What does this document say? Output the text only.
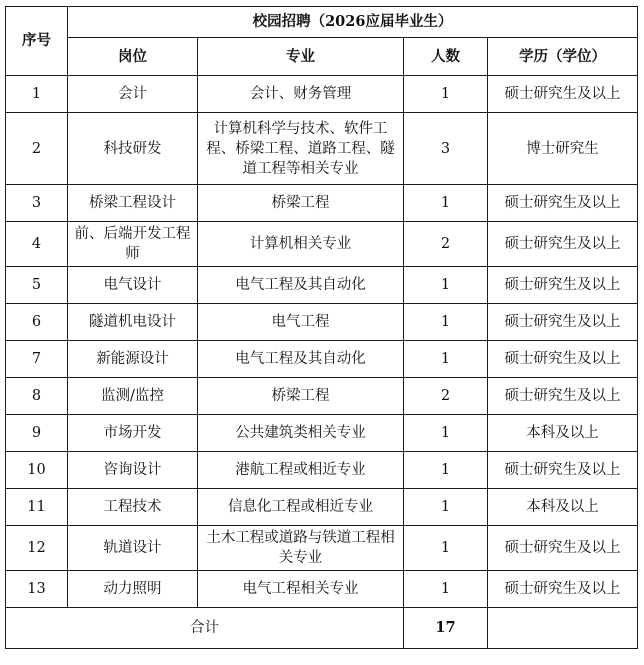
序号	校园招聘（2026应届毕业生）			
	岗位	专业	人数	学历（学位）
1	会计	会计、财务管理	1	硕士研究生及以上
2	科技研发	计算机科学与技术、软件工程、桥梁工程、道路工程、隧道工程等相关专业	3	博士研究生
3	桥梁工程设计	桥梁工程	1	硕士研究生及以上
4	前、后端开发工程师	计算机相关专业	2	硕士研究生及以上
5	电气设计	电气工程及其自动化	1	硕士研究生及以上
6	隧道机电设计	电气工程	1	硕士研究生及以上
7	新能源设计	电气工程及其自动化	1	硕士研究生及以上
8	监测/监控	桥梁工程	2	硕士研究生及以上
9	市场开发	公共建筑类相关专业	1	本科及以上
10	咨询设计	港航工程或相近专业	1	硕士研究生及以上
11	工程技术	信息化工程或相近专业	1	本科及以上
12	轨道设计	土木工程或道路与铁道工程相关专业	1	硕士研究生及以上
13	动力照明	电气工程相关专业	1	硕士研究生及以上
合计			17	
